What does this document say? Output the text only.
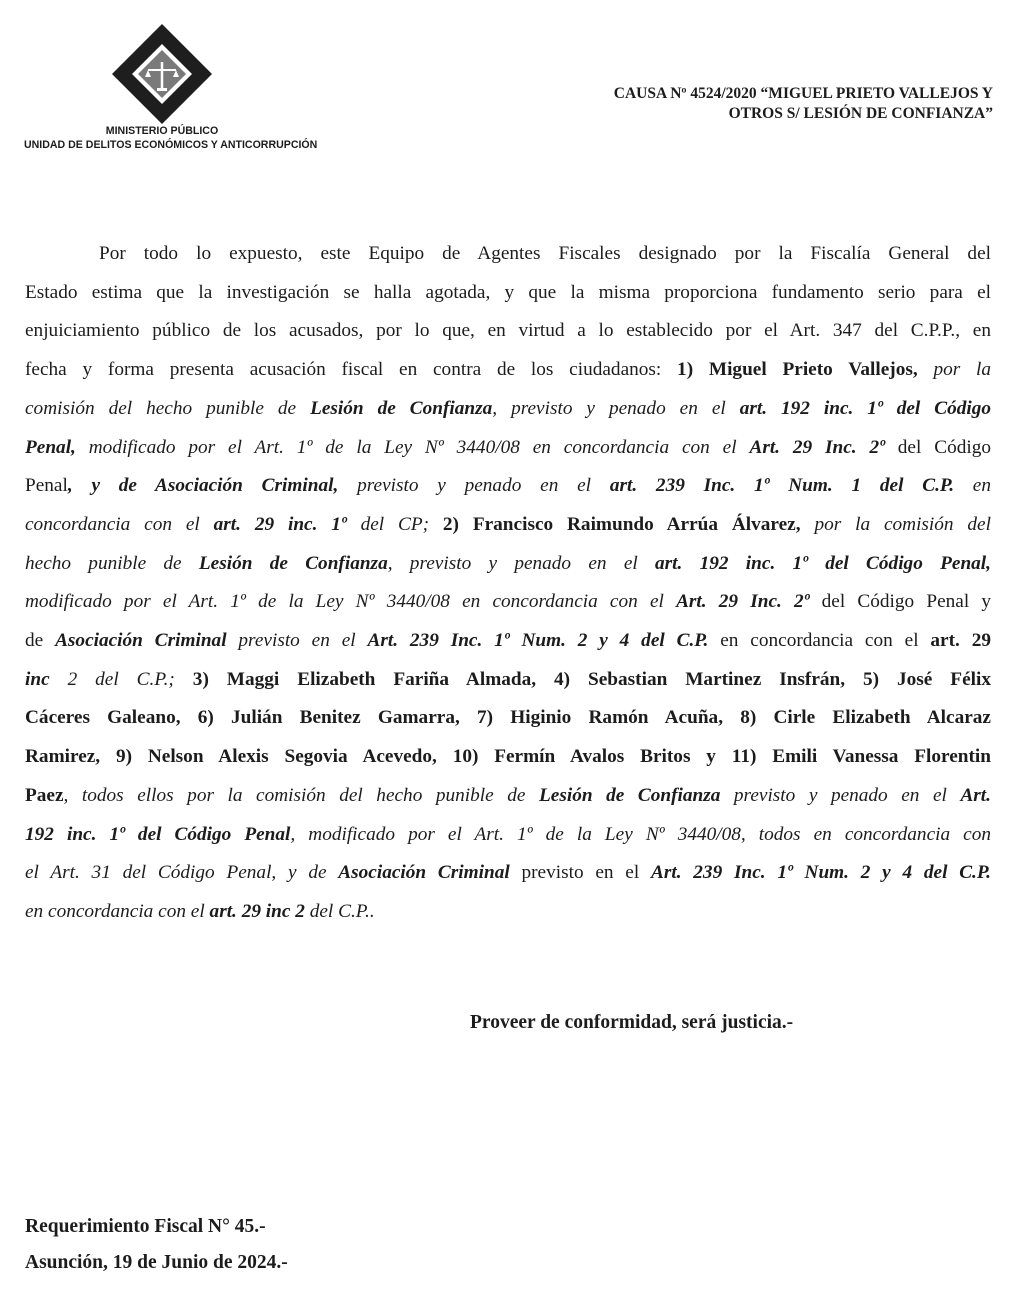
MINISTERIO PÚBLICO
UNIDAD DE DELITOS ECONÓMICOS Y ANTICORRUPCIÓN
CAUSA Nº 4524/2020 “MIGUEL PRIETO VALLEJOS Y
OTROS S/ LESIÓN DE CONFIANZA”
Por todo lo expuesto, este Equipo de Agentes Fiscales designado por la Fiscalía General del
Estado estima que la investigación se halla agotada, y que la misma proporciona fundamento serio para el
enjuiciamiento público de los acusados, por lo que, en virtud a lo establecido por el Art. 347 del C.P.P., en
fecha y forma presenta acusación fiscal en contra de los ciudadanos: 1) Miguel Prieto Vallejos, por la
comisión del hecho punible de Lesión de Confianza, previsto y penado en el art. 192 inc. 1º del Código
Penal, modificado por el Art. 1º de la Ley Nº 3440/08 en concordancia con el Art. 29 Inc. 2º del Código
Penal, y de Asociación Criminal, previsto y penado en el art. 239 Inc. 1º Num. 1 del C.P. en
concordancia con el art. 29 inc. 1º del CP; 2) Francisco Raimundo Arrúa Álvarez, por la comisión del
hecho punible de Lesión de Confianza, previsto y penado en el art. 192 inc. 1º del Código Penal,
modificado por el Art. 1º de la Ley Nº 3440/08 en concordancia con el Art. 29 Inc. 2º del Código Penal y
de Asociación Criminal previsto en el Art. 239 Inc. 1º Num. 2 y 4 del C.P. en concordancia con el art. 29
inc 2 del C.P.; 3) Maggi Elizabeth Fariña Almada, 4) Sebastian Martinez Insfrán, 5) José Félix
Cáceres Galeano, 6) Julián Benitez Gamarra, 7) Higinio Ramón Acuña, 8) Cirle Elizabeth Alcaraz
Ramirez, 9) Nelson Alexis Segovia Acevedo, 10) Fermín Avalos Britos y 11) Emili Vanessa Florentin
Paez, todos ellos por la comisión del hecho punible de Lesión de Confianza previsto y penado en el Art.
192 inc. 1º del Código Penal, modificado por el Art. 1º de la Ley Nº 3440/08, todos en concordancia con
el Art. 31 del Código Penal, y de Asociación Criminal previsto en el Art. 239 Inc. 1º Num. 2 y 4 del C.P.
en concordancia con el art. 29 inc 2 del C.P..
Proveer de conformidad, será justicia.-
Requerimiento Fiscal N° 45.-
Asunción, 19 de Junio de 2024.-
